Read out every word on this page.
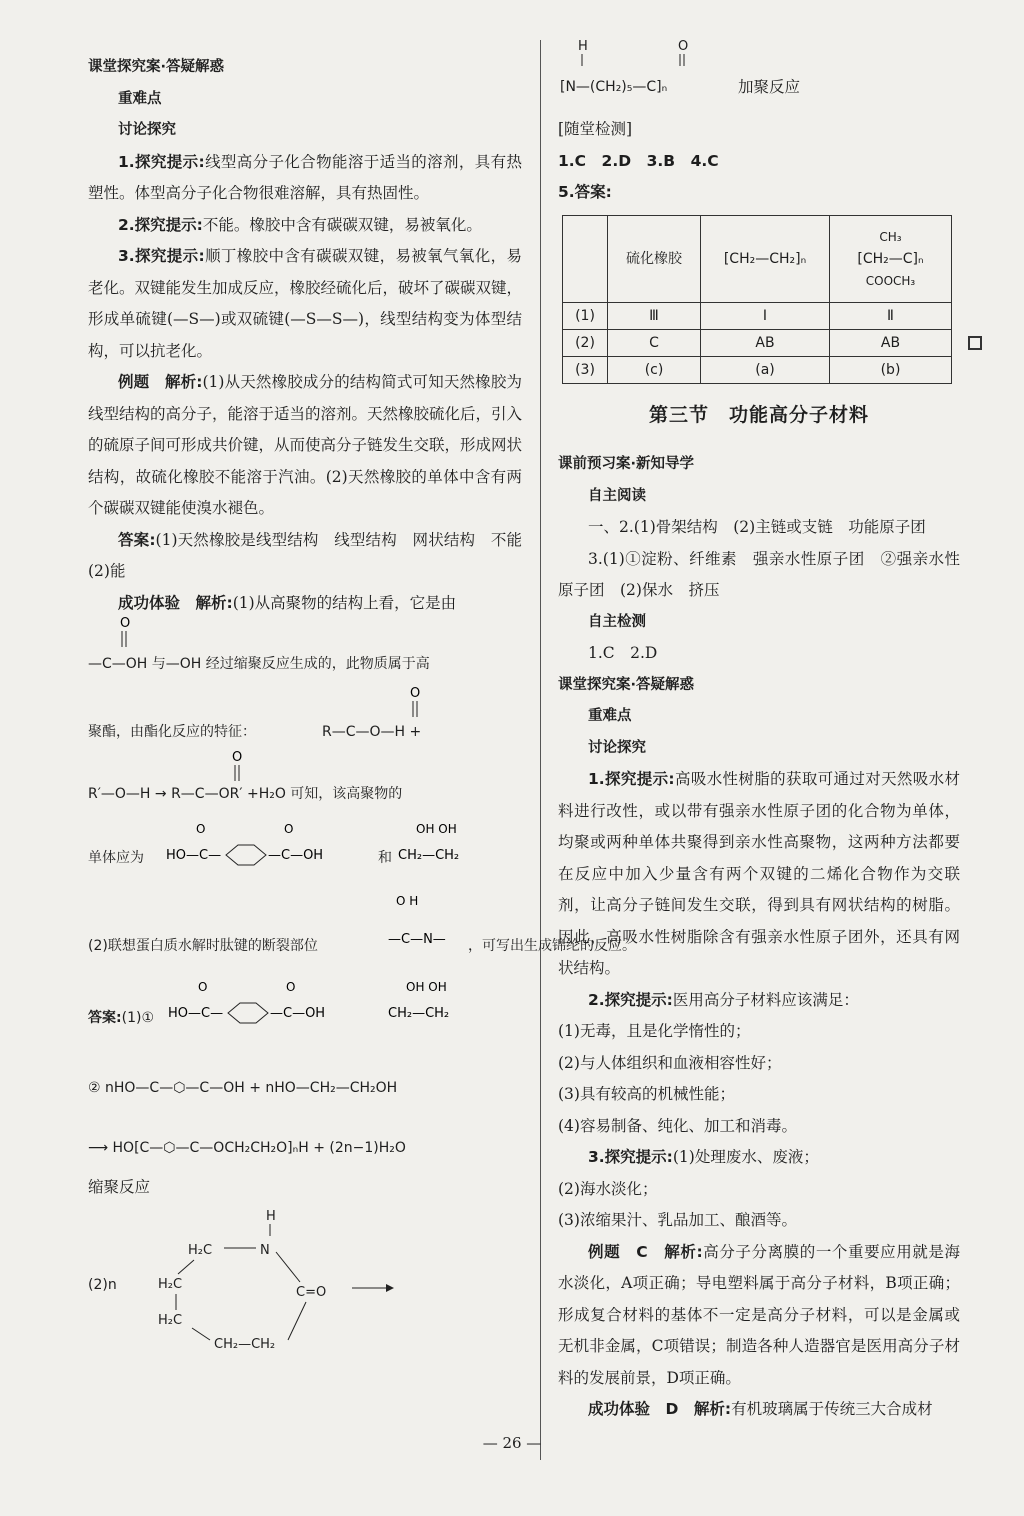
课堂探究案·答疑解惑

重难点

讨论探究

1.探究提示:线型高分子化合物能溶于适当的溶剂，具有热塑性。体型高分子化合物很难溶解，具有热固性。

2.探究提示:不能。橡胶中含有碳碳双键，易被氧化。

3.探究提示:顺丁橡胶中含有碳碳双键，易被氧气氧化，易老化。双键能发生加成反应，橡胶经硫化后，破坏了碳碳双键，形成单硫键(—S—)或双硫键(—S—S—)，线型结构变为体型结构，可以抗老化。

例题　解析:(1)从天然橡胶成分的结构简式可知天然橡胶为线型结构的高分子，能溶于适当的溶剂。天然橡胶硫化后，引入的硫原子间可形成共价键，从而使高分子链发生交联，形成网状结构，故硫化橡胶不能溶于汽油。(2)天然橡胶的单体中含有两个碳碳双键能使溴水褪色。

答案:(1)天然橡胶是线型结构　线型结构　网状结构　不能　(2)能

成功体验　解析:(1)从高聚物的结构上看，它是由

O

—C—OH 与—OH 经过缩聚反应生成的，此物质属于高

聚酯，由酯化反应的特征：	R—C—O—H +

O
O

R′—O—H → R—C—OR′ +H₂O 可知，该高聚物的

单体应为 HO—C—
O
—C—OH
O

和

OH OH
CH₂—CH₂

(2)联想蛋白质水解时肽键的断裂部位

O H
—C—N— ，可写出生成锦纶的反应。

答案:(1)① HO—C—
O
—C—OH
O	OH OH
CH₂—CH₂

② nHO—C—⬡—C—OH + nHO—CH₂—CH₂OH

⟶ HO[C—⬡—C—OCH₂CH₂O]ₙH + (2n−1)H₂O

缩聚反应

(2)n

H
H₂C	N
H₂C
C=O
H₂C
CH₂—CH₂
H	O

[N—(CH₂)₅—C]ₙ	加聚反应

[随堂检测]

1.C　2.D　3.B　4.C

5.答案:

	硫化橡胶	[CH₂—CH₂]ₙ	CH₃
[CH₂—C]ₙ
COOCH₃

(1)	Ⅲ	Ⅰ	Ⅱ
(2)	C	AB	AB
(3)	(c)	(a)	(b)

第三节　功能高分子材料

课前预习案·新知导学

自主阅读

一、2.(1)骨架结构　(2)主链或支链　功能原子团

3.(1)①淀粉、纤维素　强亲水性原子团　②强亲水性原子团　(2)保水　挤压

自主检测

1.C　2.D

课堂探究案·答疑解惑

重难点

讨论探究

1.探究提示:高吸水性树脂的获取可通过对天然吸水材料进行改性，或以带有强亲水性原子团的化合物为单体，均聚或两种单体共聚得到亲水性高聚物，这两种方法都要在反应中加入少量含有两个双键的二烯化合物作为交联剂，让高分子链间发生交联，得到具有网状结构的树脂。因此，高吸水性树脂除含有强亲水性原子团外，还具有网状结构。

2.探究提示:医用高分子材料应该满足：

(1)无毒，且是化学惰性的；

(2)与人体组织和血液相容性好；

(3)具有较高的机械性能；

(4)容易制备、纯化、加工和消毒。

3.探究提示:(1)处理废水、废液；

(2)海水淡化；

(3)浓缩果汁、乳品加工、酿酒等。

例题　C　解析:高分子分离膜的一个重要应用就是海水淡化，A项正确；导电塑料属于高分子材料，B项正确；形成复合材料的基体不一定是高分子材料，可以是金属或无机非金属，C项错误；制造各种人造器官是医用高分子材料的发展前景，D项正确。

成功体验　D　解析:有机玻璃属于传统三大合成材

— 26 —
